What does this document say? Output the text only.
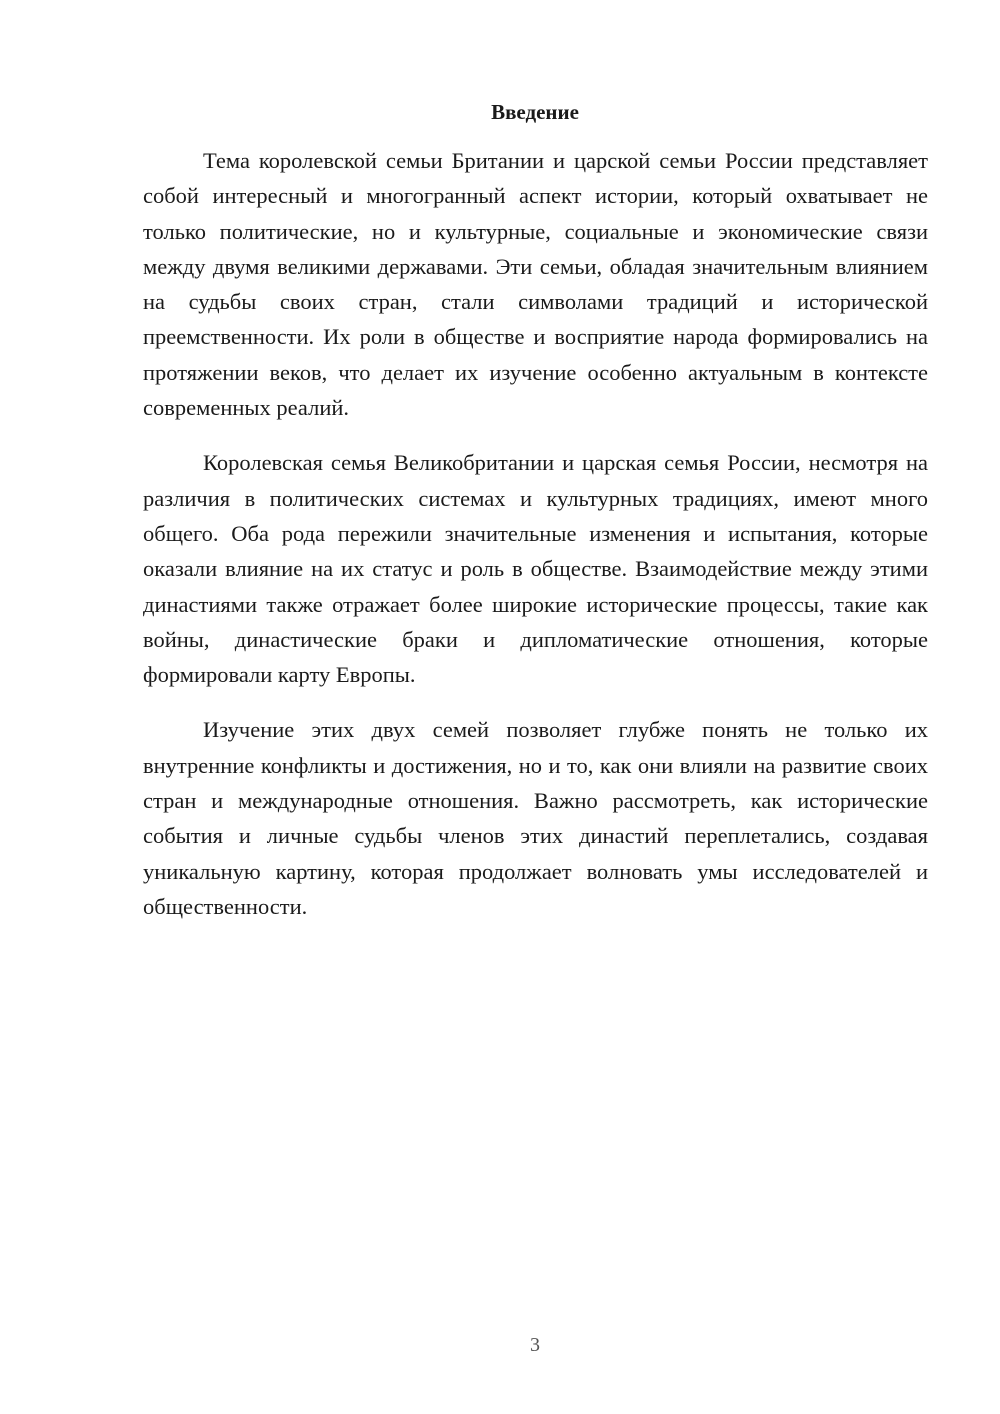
Введение

Тема королевской семьи Британии и царской семьи России представляет собой интересный и многогранный аспект истории, который охватывает не только политические, но и культурные, социальные и экономические связи между двумя великими державами. Эти семьи, обладая значительным влиянием на судьбы своих стран, стали символами традиций и исторической преемственности. Их роли в обществе и восприятие народа формировались на протяжении веков, что делает их изучение особенно актуальным в контексте современных реалий.

Королевская семья Великобритании и царская семья России, несмотря на различия в политических системах и культурных традициях, имеют много общего. Оба рода пережили значительные изменения и испытания, которые оказали влияние на их статус и роль в обществе. Взаимодействие между этими династиями также отражает более широкие исторические процессы, такие как войны, династические браки и дипломатические отношения, которые формировали карту Европы.

Изучение этих двух семей позволяет глубже понять не только их внутренние конфликты и достижения, но и то, как они влияли на развитие своих стран и международные отношения. Важно рассмотреть, как исторические события и личные судьбы членов этих династий переплетались, создавая уникальную картину, которая продолжает волновать умы исследователей и общественности.

3
